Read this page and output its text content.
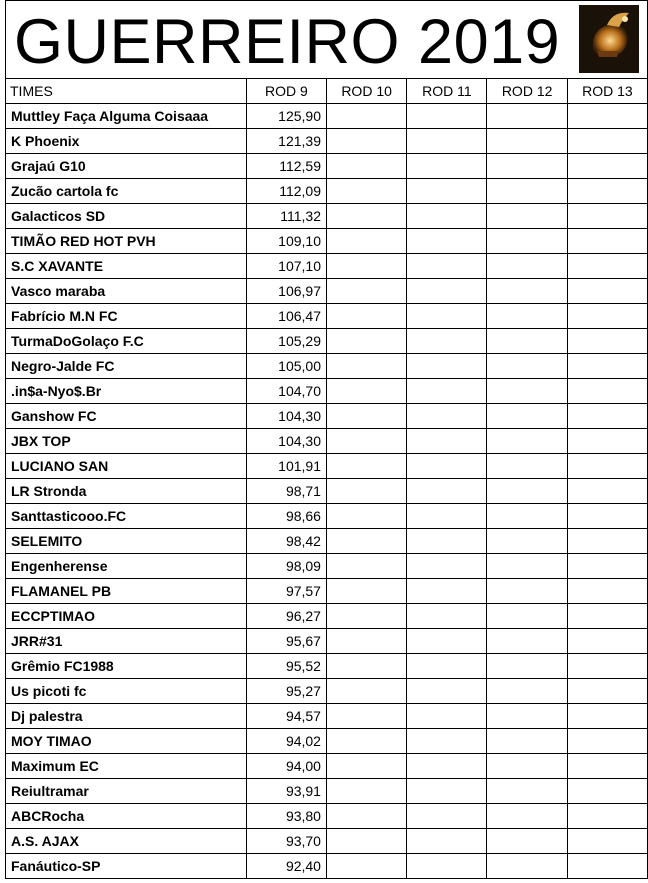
GUERREIRO 2019
TIMES	ROD 9	ROD 10	ROD 11	ROD 12	ROD 13
Muttley Faça Alguma Coisaaa	125,90				
K Phoenix	121,39				
Grajaú G10	112,59				
Zucão cartola fc	112,09				
Galacticos SD	111,32				
TIMÃO RED HOT PVH	109,10				
S.C XAVANTE	107,10				
Vasco maraba	106,97				
Fabrício M.N FC	106,47				
TurmaDoGolaço F.C	105,29				
Negro-Jalde FC	105,00				
.in$a-Nyo$.Br	104,70				
Ganshow FC	104,30				
JBX TOP	104,30				
LUCIANO SAN	101,91				
LR Stronda	98,71				
Santtasticooo.FC	98,66				
SELEMITO	98,42				
Engenherense	98,09				
FLAMANEL PB	97,57				
ECCPTIMAO	96,27				
JRR#31	95,67				
Grêmio FC1988	95,52				
Us picoti fc	95,27				
Dj palestra	94,57				
MOY TIMAO	94,02				
Maximum EC	94,00				
Reiultramar	93,91				
ABCRocha	93,80				
A.S. AJAX	93,70				
Fanáutico-SP	92,40				
